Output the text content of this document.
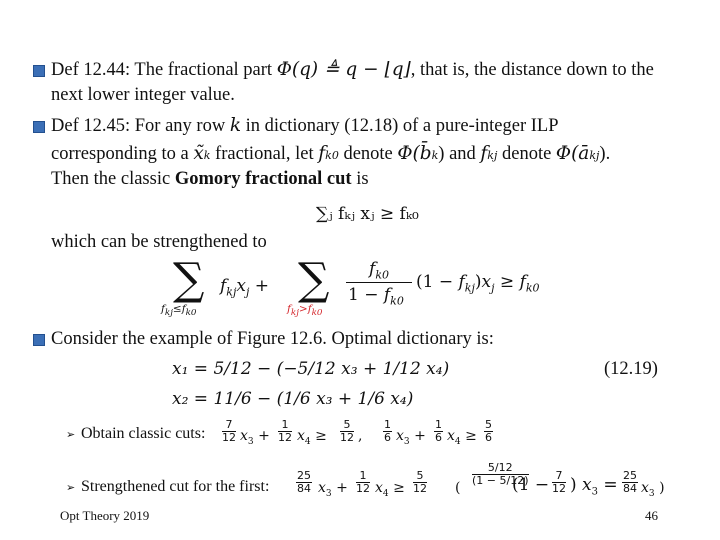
Def 12.44: The fractional part Φ(q) ≜ q − ⌊q⌋, that is, the distance down to the
next lower integer value.
Def 12.45: For any row k in dictionary (12.18) of a pure-integer ILP
corresponding to a x̃k fractional, let fk0 denote Φ(b̄k) and fkj denote Φ(ākj).
Then the classic Gomory fractional cut is
∑ⱼ fₖⱼ xⱼ ≥ fₖ₀
which can be strengthened to
∑ $f_{kj}x_j$ +
$f_{kj}\le f_{k0}$
∑
$f_{kj}>f_{k0}$
$f_{k0}$
$1 - f_{k0}$
$(1 - f_{kj})x_j \ge f_{k0}$
Consider the example of Figure 12.6. Optimal dictionary is:
x₁ = 5/12 − (−5/12 x₃ + 1/12 x₄)
x₂ = 11/6 − (1/6 x₃ + 1/6 x₄)
(12.19)
➢ Obtain classic cuts:
7
12 $x_3$ +
1
12 $x_4$ ≥
5
12 ,
1
6 $x_3$ +
1
6 $x_4$ ≥
5
6
➢ Strengthened cut for the first:
25
84 $x_3$ +
1
12 $x_4$ ≥
5
12 (
5/12
(1 − 5/12)
(1 − 7
12 ) $x_3 = 25$
84 $x_3$ )
Opt Theory 2019	46
